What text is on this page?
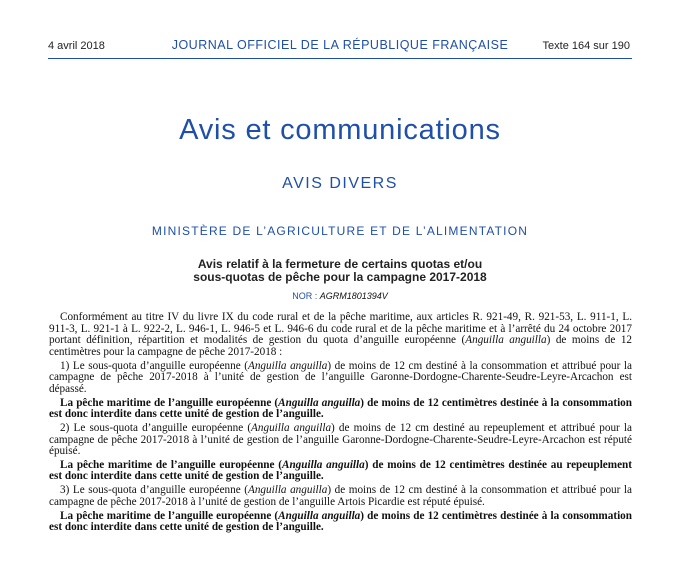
4 avril 2018	JOURNAL OFFICIEL DE LA RÉPUBLIQUE FRANÇAISE	Texte 164 sur 190
Avis et communications
AVIS DIVERS
MINISTÈRE DE L’AGRICULTURE ET DE L’ALIMENTATION
Avis relatif à la fermeture de certains quotas et/ou
sous-quotas de pêche pour la campagne 2017-2018
NOR : AGRM1801394V

Conformément au titre IV du livre IX du code rural et de la pêche maritime, aux articles R. 921-49, R. 921-53, L. 911-1, L. 911-3, L. 921-1 à L. 922-2, L. 946-1, L. 946-5 et L. 946-6 du code rural et de la pêche maritime et à l’arrêté du 24 octobre 2017 portant définition, répartition et modalités de gestion du quota d’anguille européenne (Anguilla anguilla) de moins de 12 centimètres pour la campagne de pêche 2017-2018 :

1) Le sous-quota d’anguille européenne (Anguilla anguilla) de moins de 12 cm destiné à la consommation et attribué pour la campagne de pêche 2017-2018 à l’unité de gestion de l’anguille Garonne-Dordogne-Charente-Seudre-Leyre-Arcachon est dépassé.

La pêche maritime de l’anguille européenne (Anguilla anguilla) de moins de 12 centimètres destinée à la consommation est donc interdite dans cette unité de gestion de l’anguille.

2) Le sous-quota d’anguille européenne (Anguilla anguilla) de moins de 12 cm destiné au repeuplement et attribué pour la campagne de pêche 2017-2018 à l’unité de gestion de l’anguille Garonne-Dordogne-Charente-Seudre-Leyre-Arcachon est réputé épuisé.

La pêche maritime de l’anguille européenne (Anguilla anguilla) de moins de 12 centimètres destinée au repeuplement est donc interdite dans cette unité de gestion de l’anguille.

3) Le sous-quota d’anguille européenne (Anguilla anguilla) de moins de 12 cm destiné à la consommation et attribué pour la campagne de pêche 2017-2018 à l’unité de gestion de l’anguille Artois Picardie est réputé épuisé.

La pêche maritime de l’anguille européenne (Anguilla anguilla) de moins de 12 centimètres destinée à la consommation est donc interdite dans cette unité de gestion de l’anguille.
